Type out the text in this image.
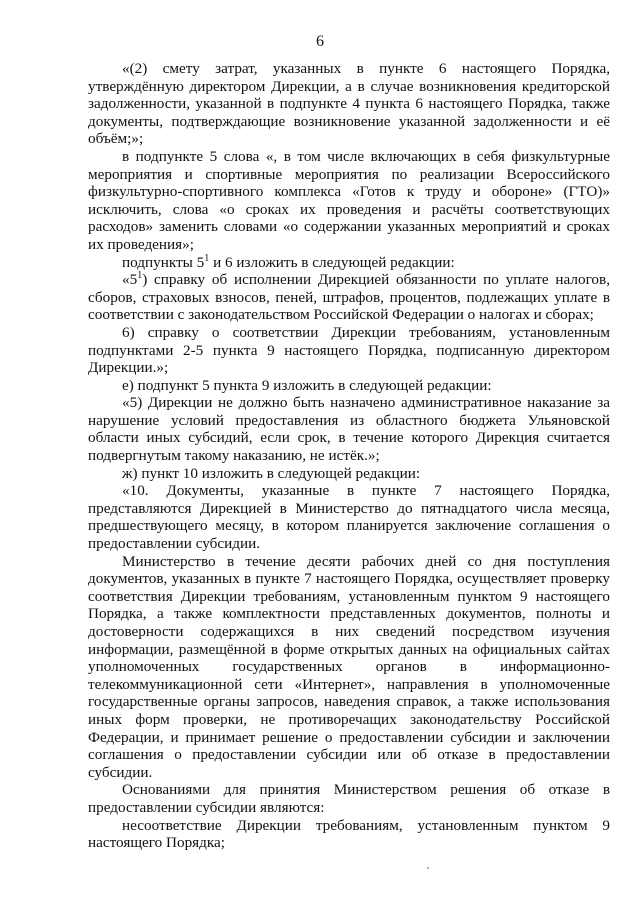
6

«(2) смету затрат, указанных в пункте 6 настоящего Порядка, утверждённую директором Дирекции, а в случае возникновения кредиторской задолженности, указанной в подпункте 4 пункта 6 настоящего Порядка, также документы, подтверждающие возникновение указанной задолженности и её объём;»;

в подпункте 5 слова «, в том числе включающих в себя физкультурные мероприятия и спортивные мероприятия по реализации Всероссийского физкультурно-спортивного комплекса «Готов к труду и обороне» (ГТО)» исключить, слова «о сроках их проведения и расчёты соответствующих расходов» заменить словами «о содержании указанных мероприятий и сроках их проведения»;

подпункты $5^1$ и 6 изложить в следующей редакции:

«$5^1$) справку об исполнении Дирекцией обязанности по уплате налогов, сборов, страховых взносов, пеней, штрафов, процентов, подлежащих уплате в соответствии с законодательством Российской Федерации о налогах и сборах;

6) справку о соответствии Дирекции требованиям, установленным подпунктами 2-5 пункта 9 настоящего Порядка, подписанную директором Дирекции.»;

е) подпункт 5 пункта 9 изложить в следующей редакции:

«5) Дирекции не должно быть назначено административное наказание за нарушение условий предоставления из областного бюджета Ульяновской области иных субсидий, если срок, в течение которого Дирекция считается подвергнутым такому наказанию, не истёк.»;

ж) пункт 10 изложить в следующей редакции:

«10. Документы, указанные в пункте 7 настоящего Порядка, представляются Дирекцией в Министерство до пятнадцатого числа месяца, предшествующего месяцу, в котором планируется заключение соглашения о предоставлении субсидии.

Министерство в течение десяти рабочих дней со дня поступления документов, указанных в пункте 7 настоящего Порядка, осуществляет проверку соответствия Дирекции требованиям, установленным пунктом 9 настоящего Порядка, а также комплектности представленных документов, полноты и достоверности содержащихся в них сведений посредством изучения информации, размещённой в форме открытых данных на официальных сайтах уполномоченных государственных органов в информационно-телекоммуникационной сети «Интернет», направления в уполномоченные государственные органы запросов, наведения справок, а также использования иных форм проверки, не противоречащих законодательству Российской Федерации, и принимает решение о предоставлении субсидии и заключении соглашения о предоставлении субсидии или об отказе в предоставлении субсидии.

Основаниями для принятия Министерством решения об отказе в предоставлении субсидии являются:

несоответствие Дирекции требованиям, установленным пунктом 9 настоящего Порядка;
